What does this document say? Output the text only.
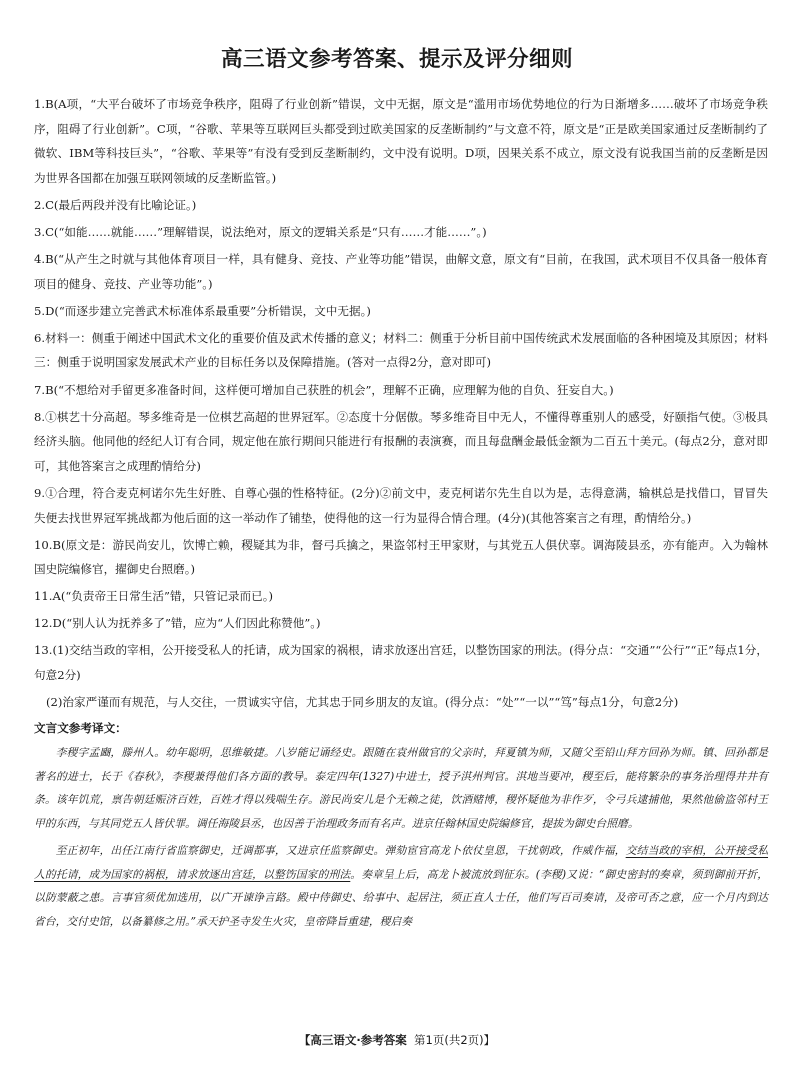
高三语文参考答案、提示及评分细则
1.B(A项，“大平台破坏了市场竞争秩序，阻碍了行业创新”错误，文中无据，原文是“滥用市场优势地位的行为日渐增多……破坏了市场竞争秩序，阻碍了行业创新”。C项，“谷歌、苹果等互联网巨头都受到过欧美国家的反垄断制约”与文意不符，原文是“正是欧美国家通过反垄断制约了微软、IBM等科技巨头”，“谷歌、苹果等”有没有受到反垄断制约，文中没有说明。D项，因果关系不成立，原文没有说我国当前的反垄断是因为世界各国都在加强互联网领域的反垄断监管。)
2.C(最后两段并没有比喻论证。)
3.C(“如能……就能……”理解错误，说法绝对，原文的逻辑关系是“只有……才能……”。)
4.B(“从产生之时就与其他体育项目一样，具有健身、竞技、产业等功能”错误，曲解文意，原文有“目前，在我国，武术项目不仅具备一般体育项目的健身、竞技、产业等功能”。)
5.D(“而逐步建立完善武术标准体系最重要”分析错误，文中无据。)
6.材料一：侧重于阐述中国武术文化的重要价值及武术传播的意义；材料二：侧重于分析目前中国传统武术发展面临的各种困境及其原因；材料三：侧重于说明国家发展武术产业的目标任务以及保障措施。(答对一点得2分，意对即可)
7.B(“不想给对手留更多准备时间，这样便可增加自己获胜的机会”，理解不正确，应理解为他的自负、狂妄自大。)
8.①棋艺十分高超。琴多维奇是一位棋艺高超的世界冠军。②态度十分倨傲。琴多维奇目中无人，不懂得尊重别人的感受，好颐指气使。③极具经济头脑。他同他的经纪人订有合同，规定他在旅行期间只能进行有报酬的表演赛，而且每盘酬金最低金额为二百五十美元。(每点2分，意对即可，其他答案言之成理酌情给分)
9.①合理，符合麦克柯诺尔先生好胜、自尊心强的性格特征。(2分)②前文中，麦克柯诺尔先生自以为是，志得意满，输棋总是找借口，冒冒失失便去找世界冠军挑战都为他后面的这一举动作了铺垫，使得他的这一行为显得合情合理。(4分)(其他答案言之有理，酌情给分。)
10.B(原文是：游民尚安儿，饮博亡赖，稷疑其为非，督弓兵擒之，果盗邻村王甲家财，与其党五人俱伏辜。调海陵县丞，亦有能声。入为翰林国史院编修官，擢御史台照磨。)
11.A(“负责帝王日常生活”错，只管记录而已。)
12.D(“别人认为抚养多了”错，应为“人们因此称赞他”。)
13.(1)交结当政的宰相，公开接受私人的托请，成为国家的祸根，请求放逐出宫廷，以整饬国家的刑法。(得分点：“交通”“公行”“正”每点1分，句意2分)
(2)治家严谨而有规范，与人交往，一贯诚实守信，尤其忠于同乡朋友的友谊。(得分点：“处”“一以”“笃”每点1分，句意2分)
文言文参考译文：

李稷字孟豳，滕州人。幼年聪明，思维敏捷。八岁能记诵经史。跟随在袁州做官的父亲时，拜夏镇为师，又随父至铅山拜方回孙为师。镇、回孙都是著名的进士，长于《春秋》，李稷兼得他们各方面的教导。泰定四年(1327)中进士，授予淇州判官。淇地当要冲，稷至后，能将繁杂的事务治理得井井有条。该年饥荒，禀告朝廷赈济百姓，百姓才得以残喘生存。游民尚安儿是个无赖之徒，饮酒赌博，稷怀疑他为非作歹，令弓兵逮捕他，果然他偷盗邻村王甲的东西，与其同党五人皆伏罪。调任海陵县丞，也因善于治理政务而有名声。进京任翰林国史院编修官，提拔为御史台照磨。

至正初年，出任江南行省监察御史，迁调都事，又进京任监察御史。弹劾宦官高龙卜依仗皇恩，干扰朝政，作威作福，交结当政的宰相，公开接受私人的托请，成为国家的祸根，请求放逐出宫廷，以整饬国家的刑法。奏章呈上后，高龙卜被流放到征东。(李稷)又说：“御史密封的奏章，须到御前开折，以防蒙蔽之患。言事官须优加选用，以广开谏诤言路。殿中侍御史、给事中、起居注，须正直人士任，他们写百司奏请，及帝可否之意，应一个月内到达省台，交付史馆，以备纂修之用。”承天护圣寺发生火灾，皇帝降旨重建，稷启奏

【高三语文·参考答案 第1页(共2页)】
